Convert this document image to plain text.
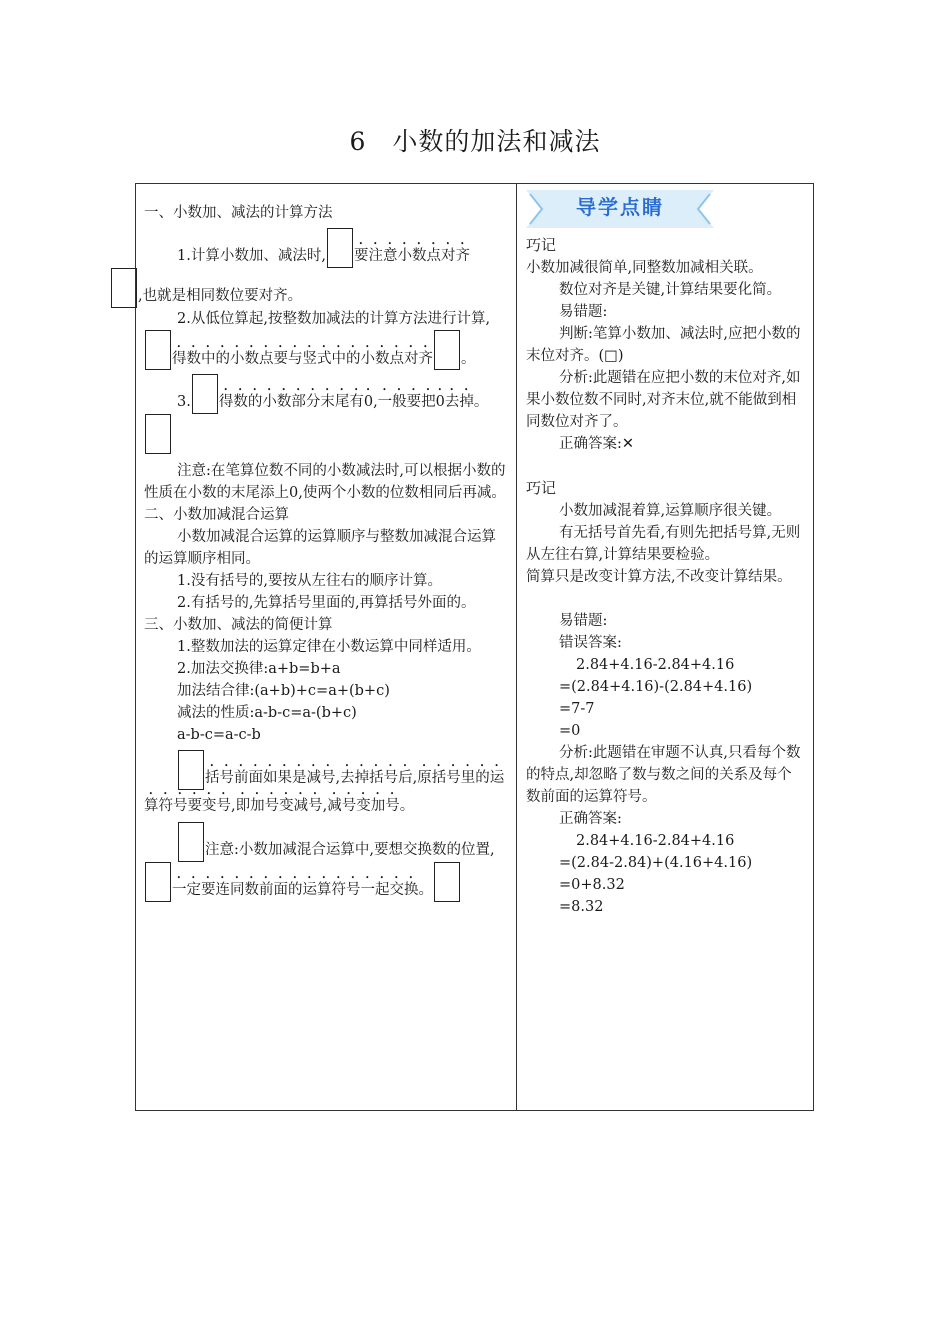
6　小数的加法和减法

一、小数加、减法的计算方法

1.计算小数加、减法时, 要注意小数点对齐
,也就是相同数位要对齐。

2.从低位算起,按整数加减法的计算方法进行计算,得数中的小数点要与竖式中的小数点对齐 。

3. 得数的小数部分末尾有0,一般要把0去掉。

注意:在笔算位数不同的小数减法时,可以根据小数的性质在小数的末尾添上0,使两个小数的位数相同后再减。

二、小数加减混合运算

小数加减混合运算的运算顺序与整数加减混合运算的运算顺序相同。

1.没有括号的,要按从左往右的顺序计算。

2.有括号的,先算括号里面的,再算括号外面的。

三、小数加、减法的简便计算

1.整数加法的运算定律在小数运算中同样适用。

2.加法交换律:a+b=b+a

加法结合律:(a+b)+c=a+(b+c)

减法的性质:a-b-c=a-(b+c)

a-b-c=a-c-b

括号前面如果是减号,去掉括号后,原括号里的运算符号要变号,即加号变减号,减号变加号。

注意:小数加减混合运算中,要想交换数的位置,一定要连同数前面的运算符号一起交换。

导学点睛

巧记

小数加减很简单,同整数加减相关联。

数位对齐是关键,计算结果要化简。

易错题:

判断:笔算小数加、减法时,应把小数的末位对齐。(□)

分析:此题错在应把小数的末位对齐,如果小数位数不同时,对齐末位,就不能做到相同数位对齐了。

正确答案:✕

巧记

小数加减混着算,运算顺序很关键。

有无括号首先看,有则先把括号算,无则从左往右算,计算结果要检验。

简算只是改变计算方法,不改变计算结果。

易错题:

错误答案:

2.84+4.16-2.84+4.16

=(2.84+4.16)-(2.84+4.16)

=7-7

=0

分析:此题错在审题不认真,只看每个数的特点,却忽略了数与数之间的关系及每个数前面的运算符号。

正确答案:

2.84+4.16-2.84+4.16

=(2.84-2.84)+(4.16+4.16)

=0+8.32

=8.32
